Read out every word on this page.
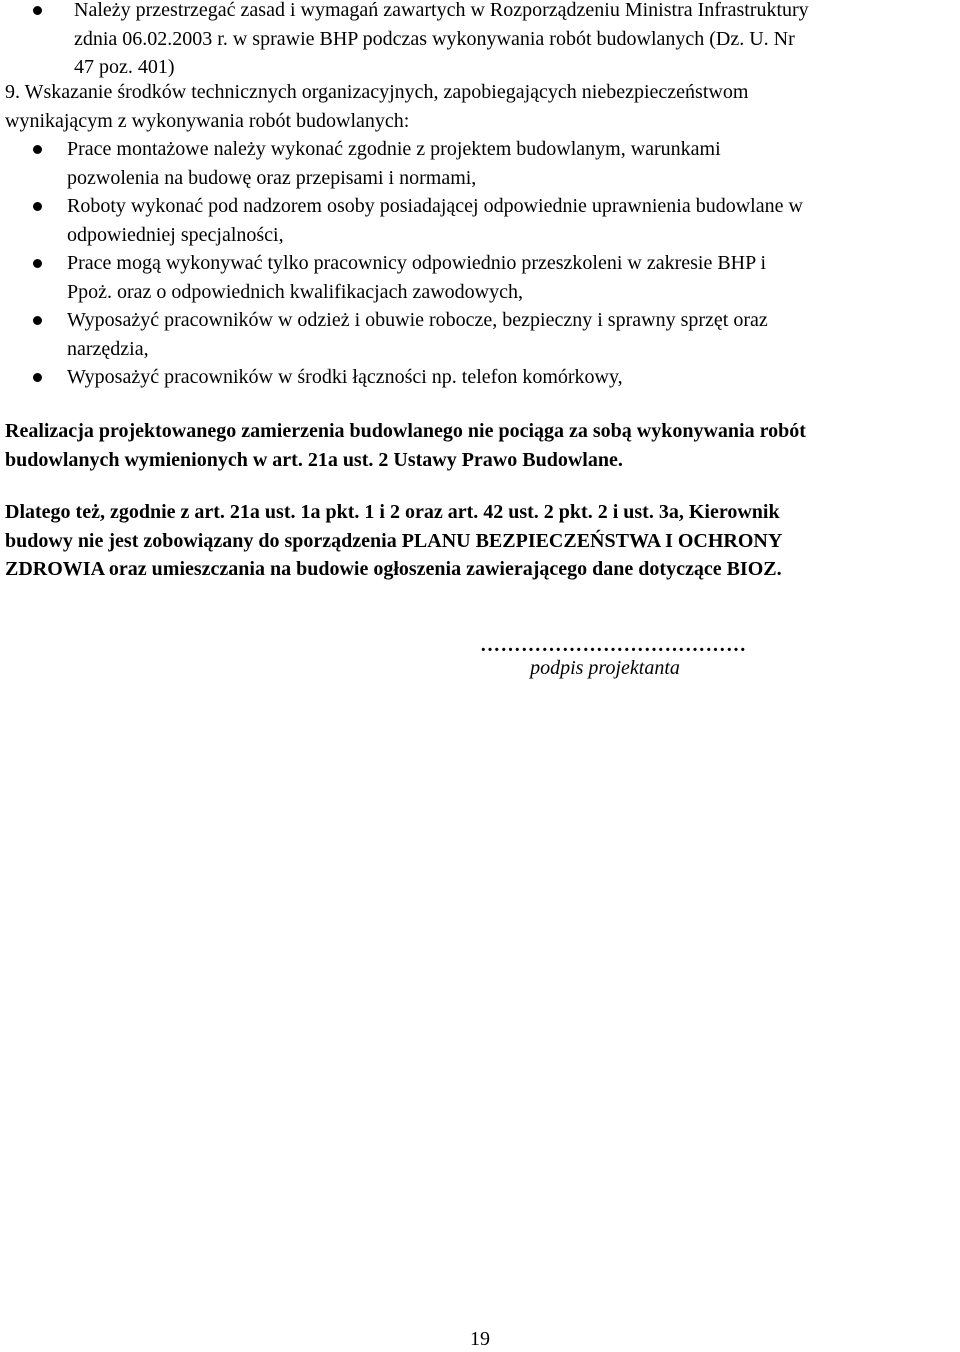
Należy przestrzegać zasad i wymagań zawartych w Rozporządzeniu Ministra Infrastruktury
zdnia 06.02.2003 r. w sprawie BHP podczas wykonywania robót budowlanych (Dz. U. Nr
47 poz. 401)
9. Wskazanie środków technicznych organizacyjnych, zapobiegających niebezpieczeństwom
wynikającym z wykonywania robót budowlanych:
Prace montażowe należy wykonać zgodnie z projektem budowlanym, warunkami
pozwolenia na budowę oraz przepisami i normami,
Roboty wykonać pod nadzorem osoby posiadającej odpowiednie uprawnienia budowlane w
odpowiedniej specjalności,
Prace mogą wykonywać tylko pracownicy odpowiednio przeszkoleni w zakresie BHP i
Ppoż. oraz o odpowiednich kwalifikacjach zawodowych,
Wyposażyć pracowników w odzież i obuwie robocze, bezpieczny i sprawny sprzęt oraz
narzędzia,
Wyposażyć pracowników w środki łączności np. telefon komórkowy,
Realizacja projektowanego zamierzenia budowlanego nie pociąga za sobą wykonywania robót
budowlanych wymienionych w art. 21a ust. 2 Ustawy Prawo Budowlane.
Dlatego też, zgodnie z art. 21a ust. 1a pkt. 1 i 2 oraz art. 42 ust. 2 pkt. 2 i ust. 3a, Kierownik
budowy nie jest zobowiązany do sporządzenia PLANU BEZPIECZEŃSTWA I OCHRONY
ZDROWIA oraz umieszczania na budowie ogłoszenia zawierającego dane dotyczące BIOZ.
…………………………………
podpis projektanta
19
